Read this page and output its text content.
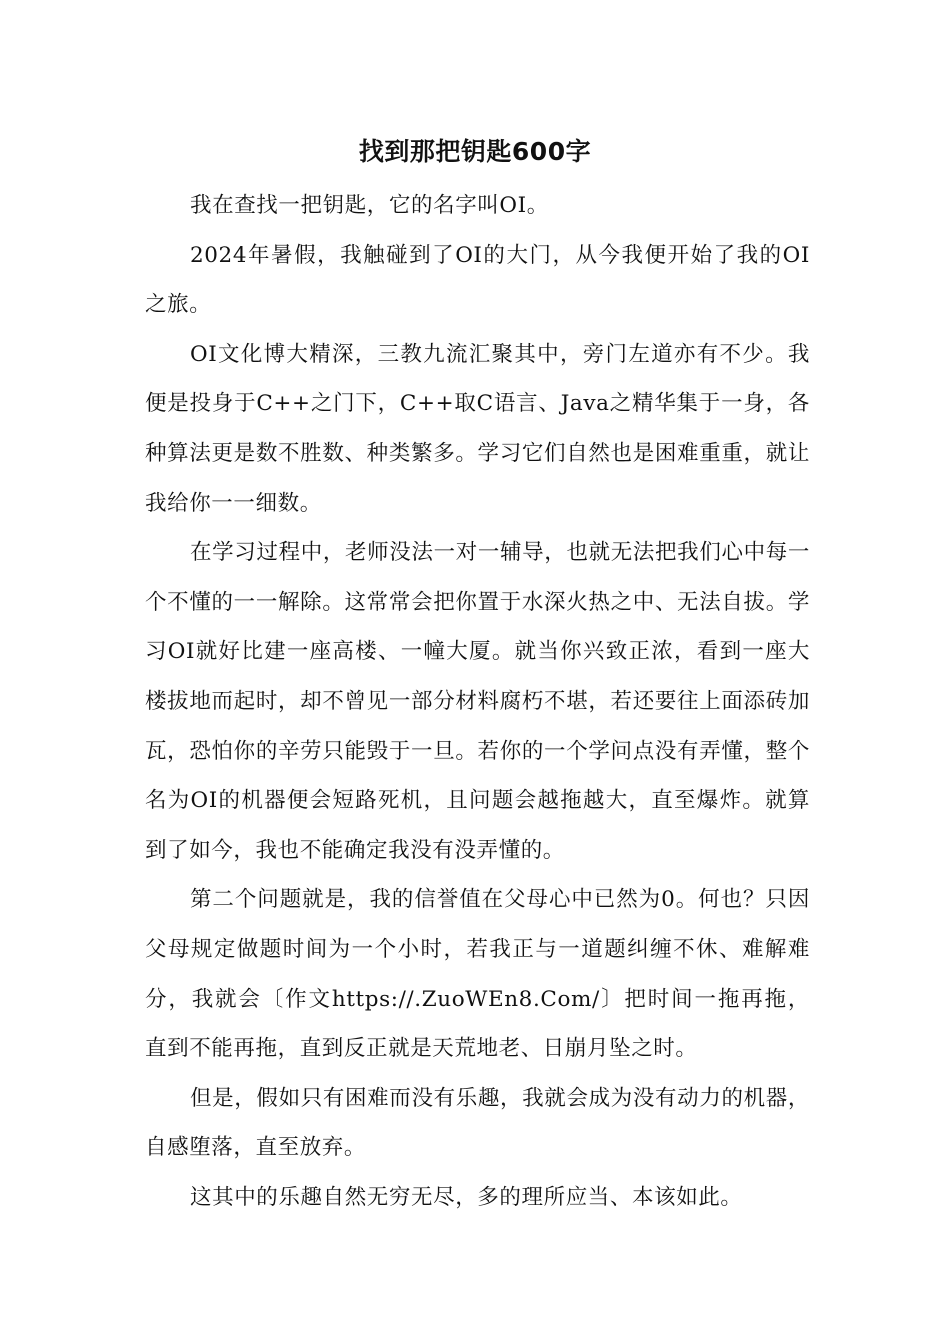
找到那把钥匙600字

我在查找一把钥匙，它的名字叫OI。

2024年暑假，我触碰到了OI的大门，从今我便开始了我的OI之旅。

OI文化博大精深，三教九流汇聚其中，旁门左道亦有不少。我便是投身于C++之门下，C++取C语言、Java之精华集于一身，各种算法更是数不胜数、种类繁多。学习它们自然也是困难重重，就让我给你一一细数。

在学习过程中，老师没法一对一辅导，也就无法把我们心中每一个不懂的一一解除。这常常会把你置于水深火热之中、无法自拔。学习OI就好比建一座高楼、一幢大厦。就当你兴致正浓，看到一座大楼拔地而起时，却不曾见一部分材料腐朽不堪，若还要往上面添砖加瓦，恐怕你的辛劳只能毁于一旦。若你的一个学问点没有弄懂，整个名为OI的机器便会短路死机，且问题会越拖越大，直至爆炸。就算到了如今，我也不能确定我没有没弄懂的。

第二个问题就是，我的信誉值在父母心中已然为0。何也？只因父母规定做题时间为一个小时，若我正与一道题纠缠不休、难解难分，我就会〔作文https://.ZuoWEn8.Com/〕把时间一拖再拖，直到不能再拖，直到反正就是天荒地老、日崩月坠之时。

但是，假如只有困难而没有乐趣，我就会成为没有动力的机器，自感堕落，直至放弃。

这其中的乐趣自然无穷无尽，多的理所应当、本该如此。
